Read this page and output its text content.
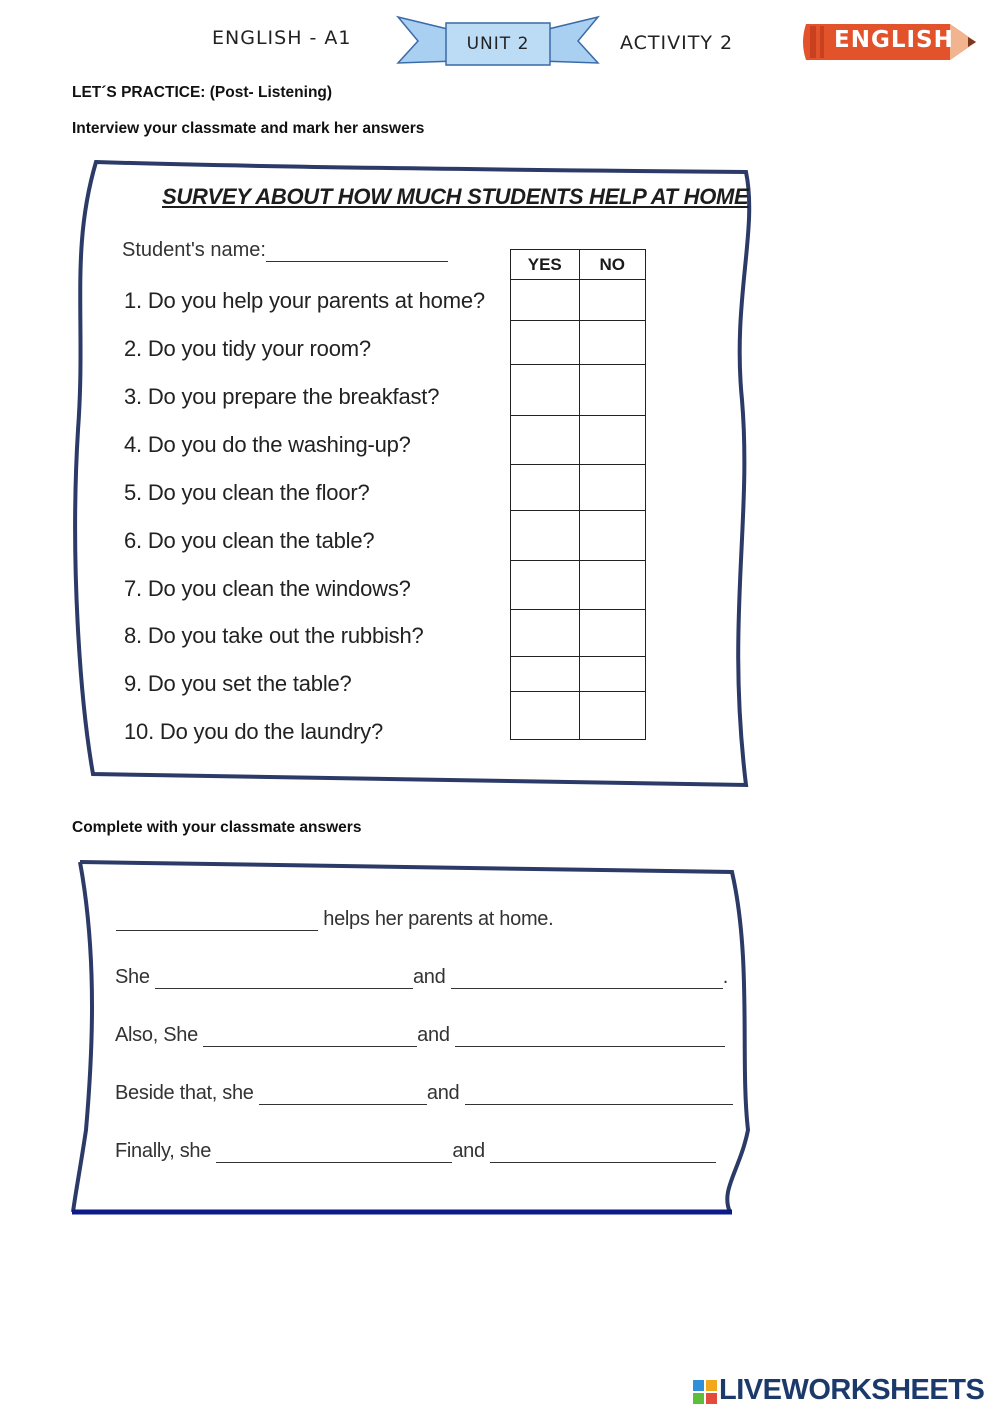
ENGLISH - A1	UNIT 2	ACTIVITY 2	ENGLISH
LET´S PRACTICE: (Post- Listening)
Interview your classmate and mark her answers
SURVEY ABOUT HOW MUCH STUDENTS HELP AT HOME
Student's name:
1. Do you help your parents at home?
2. Do you tidy your room?
3. Do you prepare the breakfast?
4. Do you do the washing-up?
5. Do you clean the floor?
6. Do you clean the table?
7. Do you clean the windows?
8. Do you take out the rubbish?
9. Do you set the table?
10. Do you do the laundry?
YES	NO

Complete with your classmate answers
helps her parents at home.
She	and	.
Also, She	and
Beside that, she	and
Finally, she	and
LIVEWORKSHEETS
